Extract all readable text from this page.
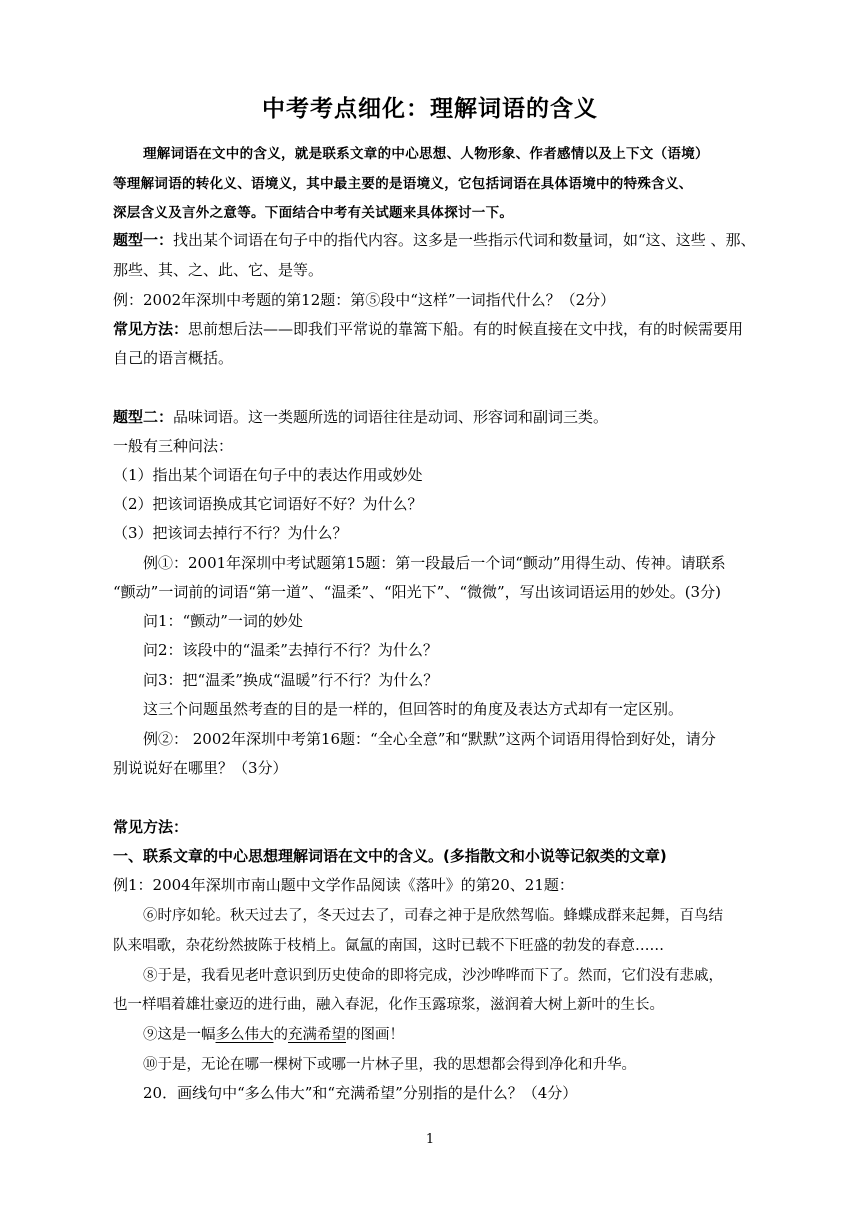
中考考点细化：理解词语的含义
理解词语在文中的含义，就是联系文章的中心思想、人物形象、作者感情以及上下文（语境）
等理解词语的转化义、语境义，其中最主要的是语境义，它包括词语在具体语境中的特殊含义、
深层含义及言外之意等。下面结合中考有关试题来具体探讨一下。
题型一：找出某个词语在句子中的指代内容。这多是一些指示代词和数量词，如“这、这些 、那、
那些、其、之、此、它、是等。
例：2002年深圳中考题的第12题：第⑤段中“这样”一词指代什么？（2分）
常见方法：思前想后法——即我们平常说的靠篙下船。有的时候直接在文中找，有的时候需要用
自己的语言概括。
题型二：品味词语。这一类题所选的词语往往是动词、形容词和副词三类。
一般有三种问法：
（1）指出某个词语在句子中的表达作用或妙处
（2）把该词语换成其它词语好不好？为什么？
（3）把该词去掉行不行？为什么？
例①：2001年深圳中考试题第15题：第一段最后一个词“颤动”用得生动、传神。请联系
“颤动”一词前的词语“第一道”、“温柔”、“阳光下”、“微微”，写出该词语运用的妙处。(3分)
问1：“颤动”一词的妙处
问2：该段中的“温柔”去掉行不行？为什么？
问3：把“温柔”换成“温暖”行不行？为什么？
这三个问题虽然考查的目的是一样的，但回答时的角度及表达方式却有一定区别。
例②： 2002年深圳中考第16题：“全心全意”和“默默”这两个词语用得恰到好处，请分
别说说好在哪里？（3分）
常见方法：
一、联系文章的中心思想理解词语在文中的含义。(多指散文和小说等记叙类的文章)
例1：2004年深圳市南山题中文学作品阅读《落叶》的第20、21题：
⑥时序如轮。秋天过去了，冬天过去了，司春之神于是欣然驾临。蜂蝶成群来起舞，百鸟结
队来唱歌，杂花纷然披陈于枝梢上。氤氲的南国，这时已载不下旺盛的勃发的春意……
⑧于是，我看见老叶意识到历史使命的即将完成，沙沙哗哗而下了。然而，它们没有悲戚，
也一样唱着雄壮豪迈的进行曲，融入春泥，化作玉露琼浆，滋润着大树上新叶的生长。
⑨这是一幅多么伟大的充满希望的图画！
⑩于是，无论在哪一棵树下或哪一片林子里，我的思想都会得到净化和升华。
20．画线句中“多么伟大”和“充满希望”分别指的是什么？（4分）
1
